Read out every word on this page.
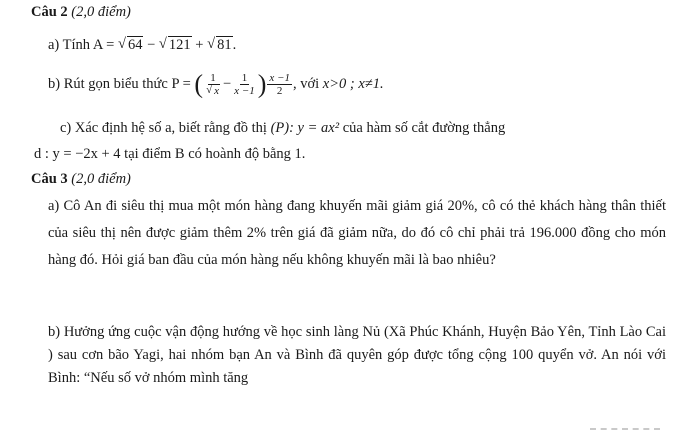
Câu 2 (2,0 điểm)
a) Tính A = √ 64 − √ 121 + √ 81.
b) Rút gọn biểu thức P = ( 1
√ $x - \frac{1}{x -1}$ ) $\frac{x -1}{2}$ , với x>0 ; x≠1.
c) Xác định hệ số a, biết rằng đồ thị (P): y = ax² của hàm số cắt đường thẳng
d : y = −2x + 4 tại điểm B có hoành độ bằng 1.
Câu 3 (2,0 điểm)
a) Cô An đi siêu thị mua một món hàng đang khuyến mãi giảm giá 20%, cô có thẻ khách hàng thân thiết của siêu thị nên được giảm thêm 2% trên giá đã giảm nữa, do đó cô chỉ phải trả 196.000 đồng cho món hàng đó. Hỏi giá ban đầu của món hàng nếu không khuyến mãi là bao nhiêu?
b) Hưởng ứng cuộc vận động hướng về học sinh làng Nủ (Xã Phúc Khánh, Huyện Bảo Yên, Tỉnh Lào Cai ) sau cơn bão Yagi, hai nhóm bạn An và Bình đã quyên góp được tổng cộng 100 quyển vở. An nói với Bình: “Nếu số vở nhóm mình tăng
